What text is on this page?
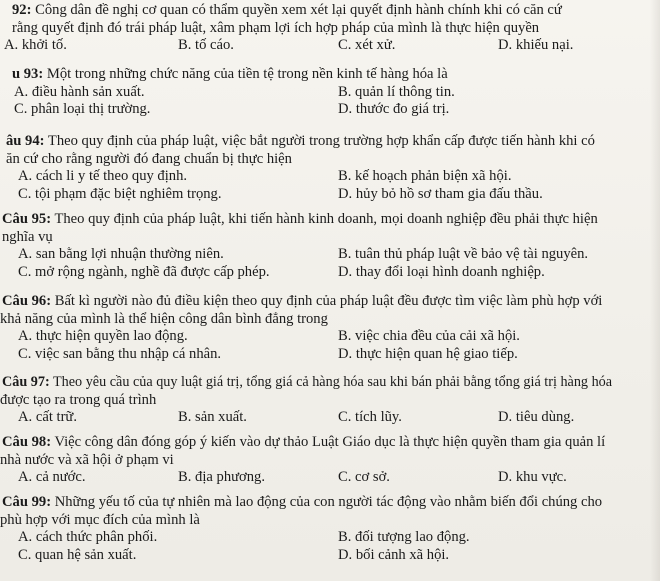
92: Công dân đề nghị cơ quan có thẩm quyền xem xét lại quyết định hành chính khi có căn cứ
rằng quyết định đó trái pháp luật, xâm phạm lợi ích hợp pháp của mình là thực hiện quyền
A. khởi tố.	B. tố cáo.	C. xét xử.	D. khiếu nại.
u 93: Một trong những chức năng của tiền tệ trong nền kinh tế hàng hóa là
A. điều hành sản xuất.	B. quản lí thông tin.
C. phân loại thị trường.	D. thước đo giá trị.
âu 94: Theo quy định của pháp luật, việc bắt người trong trường hợp khẩn cấp được tiến hành khi có
ăn cứ cho rằng người đó đang chuẩn bị thực hiện
A. cách li y tế theo quy định.	B. kế hoạch phản biện xã hội.
C. tội phạm đặc biệt nghiêm trọng.	D. hủy bỏ hồ sơ tham gia đấu thầu.
Câu 95: Theo quy định của pháp luật, khi tiến hành kinh doanh, mọi doanh nghiệp đều phải thực hiện
nghĩa vụ
A. san bằng lợi nhuận thường niên.	B. tuân thủ pháp luật về bảo vệ tài nguyên.
C. mở rộng ngành, nghề đã được cấp phép.	D. thay đổi loại hình doanh nghiệp.
Câu 96: Bất kì người nào đủ điều kiện theo quy định của pháp luật đều được tìm việc làm phù hợp với
khả năng của mình là thể hiện công dân bình đẳng trong
A. thực hiện quyền lao động.	B. việc chia đều của cải xã hội.
C. việc san bằng thu nhập cá nhân.	D. thực hiện quan hệ giao tiếp.
Câu 97: Theo yêu cầu của quy luật giá trị, tổng giá cả hàng hóa sau khi bán phải bằng tổng giá trị hàng hóa
được tạo ra trong quá trình
A. cất trữ.	B. sản xuất.	C. tích lũy.	D. tiêu dùng.
Câu 98: Việc công dân đóng góp ý kiến vào dự thảo Luật Giáo dục là thực hiện quyền tham gia quản lí
nhà nước và xã hội ở phạm vi
A. cả nước.	B. địa phương.	C. cơ sở.	D. khu vực.
Câu 99: Những yếu tố của tự nhiên mà lao động của con người tác động vào nhằm biến đổi chúng cho
phù hợp với mục đích của mình là
A. cách thức phân phối.	B. đối tượng lao động.
C. quan hệ sản xuất.	D. bối cảnh xã hội.
